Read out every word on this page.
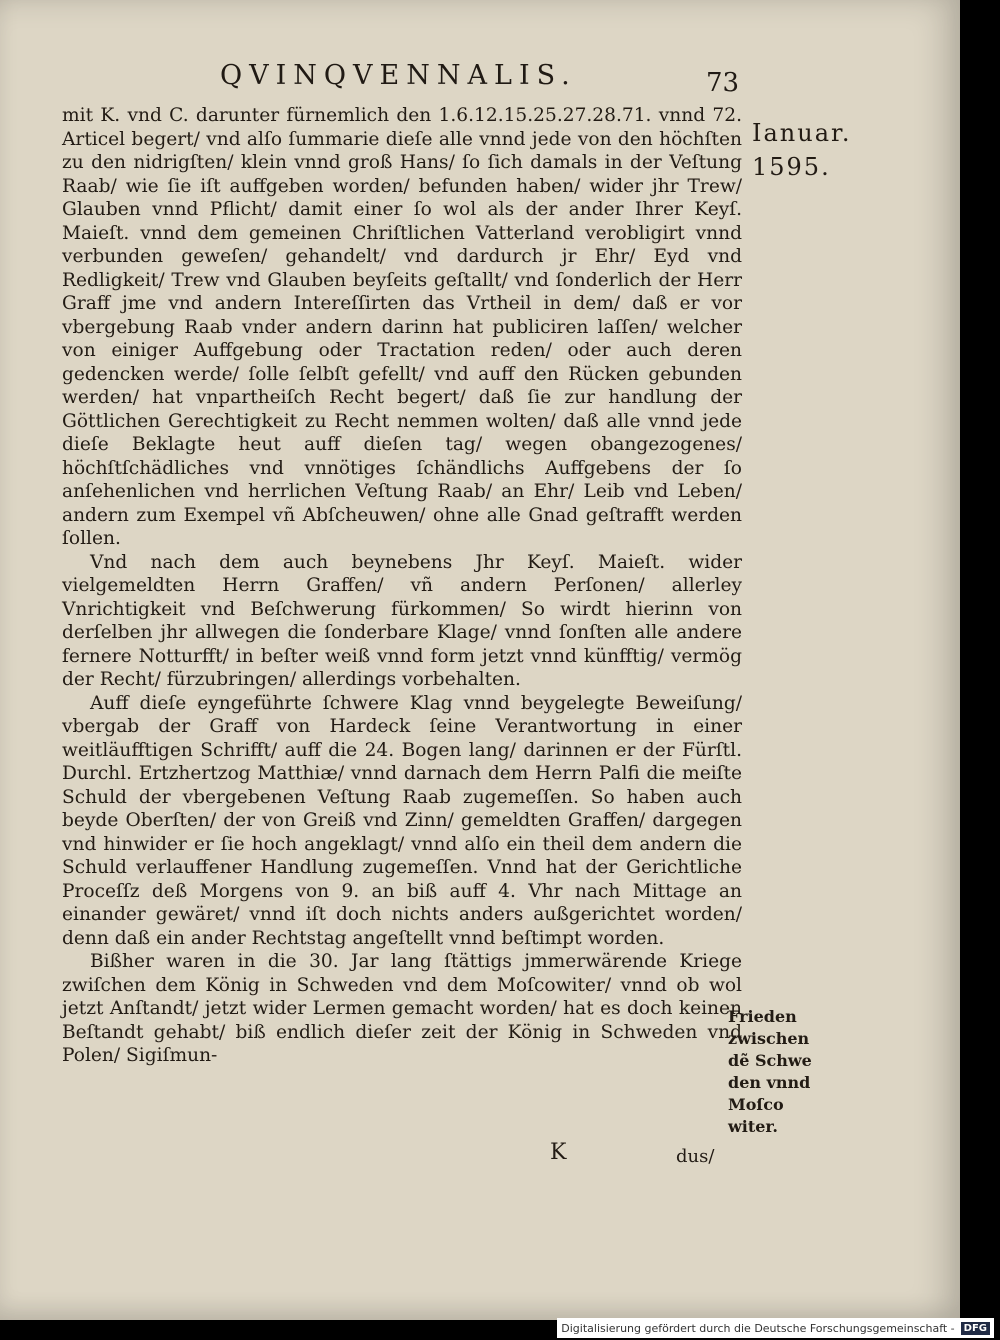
QVINQVENNALIS.	73

mit K. vnd C. darunter fürnemlich den 1.6.12.15.25.27.28.71. vnnd 72. Articel begert/ vnd alſo ſummarie dieſe alle vnnd jede von den höchſten zu den nidrigſten/ klein vnnd groß Hans/ ſo ſich damals in der Veſtung Raab/ wie ſie iſt auffgeben worden/ befunden haben/ wider jhr Trew/ Glauben vnnd Pflicht/ damit einer ſo wol als der ander Ihrer Keyſ. Maieſt. vnnd dem gemeinen Chriſtlichen Vatterland verobligirt vnnd verbunden geweſen/ gehandelt/ vnd dardurch jr Ehr/ Eyd vnd Redligkeit/ Trew vnd Glauben beyſeits geſtallt/ vnd ſonderlich der Herr Graff jme vnd andern Intereſſirten das Vrtheil in dem/ daß er vor vbergebung Raab vnder andern darinn hat publiciren laſſen/ welcher von einiger Auffgebung oder Tractation reden/ oder auch deren gedencken werde/ ſolle ſelbſt gefellt/ vnd auff den Rücken gebunden werden/ hat vnpartheiſch Recht begert/ daß ſie zur handlung der Göttlichen Gerechtigkeit zu Recht nemmen wolten/ daß alle vnnd jede dieſe Beklagte heut auff dieſen tag/ wegen obangezogenes/ höchſtſchädliches vnd vnnötiges ſchändlichs Auffgebens der ſo anſehenlichen vnd herrlichen Veſtung Raab/ an Ehr/ Leib vnd Leben/ andern zum Exempel vñ Abſcheuwen/ ohne alle Gnad geſtrafft werden ſollen.

Vnd nach dem auch beynebens Jhr Keyſ. Maieſt. wider vielgemeldten Herrn Graffen/ vñ andern Perſonen/ allerley Vnrichtigkeit vnd Beſchwerung fürkommen/ So wirdt hierinn von derſelben jhr allwegen die ſonderbare Klage/ vnnd ſonſten alle andere fernere Notturfft/ in beſter weiß vnnd form jetzt vnnd künfftig/ vermög der Recht/ fürzubringen/ allerdings vorbehalten.

Auff dieſe eyngeführte ſchwere Klag vnnd beygelegte Beweiſung/ vbergab der Graff von Hardeck ſeine Verantwortung in einer weitläufftigen Schrifft/ auff die 24. Bogen lang/ darinnen er der Fürſtl. Durchl. Ertzhertzog Matthiæ/ vnnd darnach dem Herrn Palfi die meiſte Schuld der vbergebenen Veſtung Raab zugemeſſen. So haben auch beyde Oberſten/ der von Greiß vnd Zinn/ gemeldten Graffen/ dargegen vnd hinwider er ſie hoch angeklagt/ vnnd alſo ein theil dem andern die Schuld verlauffener Handlung zugemeſſen. Vnnd hat der Gerichtliche Proceſſz deß Morgens von 9. an biß auff 4. Vhr nach Mittage an einander gewäret/ vnnd iſt doch nichts anders außgerichtet worden/ denn daß ein ander Rechtstag angeſtellt vnnd beſtimpt worden.

Bißher waren in die 30. Jar lang ſtättigs jmmerwärende Kriege zwiſchen dem König in Schweden vnd dem Moſcowiter/ vnnd ob wol jetzt Anſtandt/ jetzt wider Lermen gemacht worden/ hat es doch keinen Beſtandt gehabt/ biß endlich dieſer zeit der König in Schweden vnd Polen/ Sigiſmun-

Ianuar.
1595.
Frieden zwischen dẽ Schwe den vnnd Moſco witer.
K	dus/
Digitalisierung gefördert durch die Deutsche Forschungsgemeinschaft - DFG
